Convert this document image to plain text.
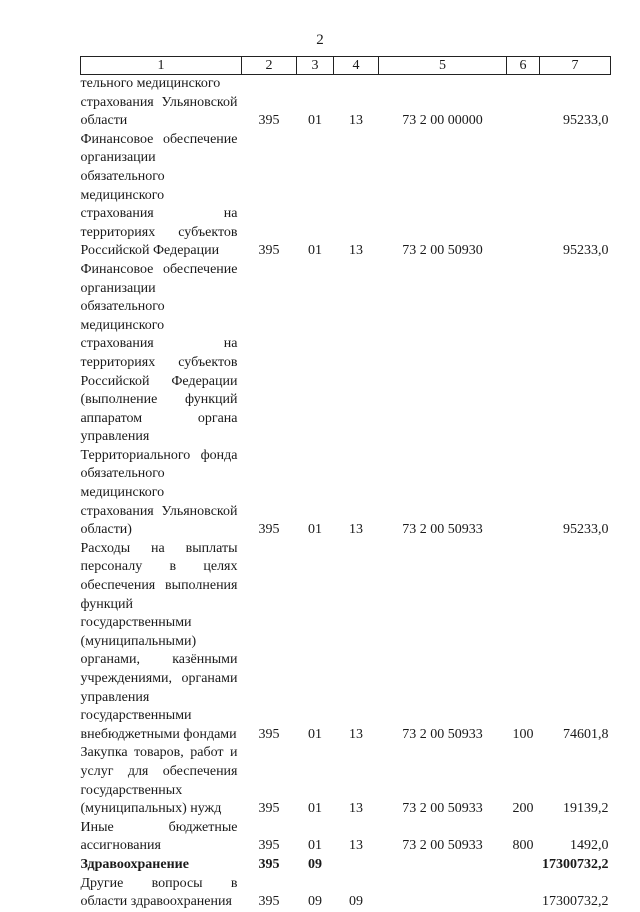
2
1	2	3	4	5	6	7
тельного медицинского
страхования Ульяновской области	395	01	13	73 2 00 00000		95233,0
Финансовое обеспечение организации обязательного медицинского страхования на территориях субъектов Российской Федерации	395	01	13	73 2 00 50930		95233,0
Финансовое обеспечение организации обязательного медицинского страхования на территориях субъектов Российской Федерации (выполнение функций аппаратом органа управления Территориального фонда обязательного медицинского страхования Ульяновской области)	395	01	13	73 2 00 50933		95233,0
Расходы на выплаты персоналу в целях обеспечения выполнения функций государственными (муниципальными) органами, казёнными учреждениями, органами управления государственными внебюджетными фондами	395	01	13	73 2 00 50933	100	74601,8
Закупка товаров, работ и услуг для обеспечения государственных (муниципальных) нужд	395	01	13	73 2 00 50933	200	19139,2
Иные бюджетные ассигнования	395	01	13	73 2 00 50933	800	1492,0
Здравоохранение	395	09				17300732,2
Другие вопросы в области здравоохранения	395	09	09			17300732,2
